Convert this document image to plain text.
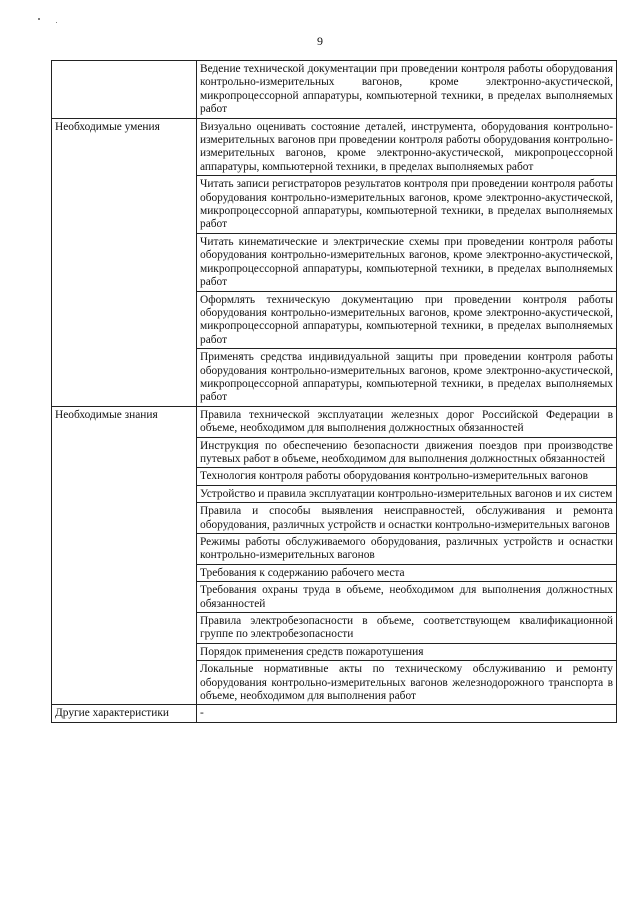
9
	Ведение технической документации при проведении контроля работы оборудования контрольно-измерительных вагонов, кроме электронно-акустической, микропроцессорной аппаратуры, компьютерной техники, в пределах выполняемых работ
Необходимые умения	Визуально оценивать состояние деталей, инструмента, оборудования контрольно-измерительных вагонов при проведении контроля работы оборудования контрольно-измерительных вагонов, кроме электронно-акустической, микропроцессорной аппаратуры, компьютерной техники, в пределах выполняемых работ
	Читать записи регистраторов результатов контроля при проведении контроля работы оборудования контрольно-измерительных вагонов, кроме электронно-акустической, микропроцессорной аппаратуры, компьютерной техники, в пределах выполняемых работ
	Читать кинематические и электрические схемы при проведении контроля работы оборудования контрольно-измерительных вагонов, кроме электронно-акустической, микропроцессорной аппаратуры, компьютерной техники, в пределах выполняемых работ
	Оформлять техническую документацию при проведении контроля работы оборудования контрольно-измерительных вагонов, кроме электронно-акустической, микропроцессорной аппаратуры, компьютерной техники, в пределах выполняемых работ
	Применять средства индивидуальной защиты при проведении контроля работы оборудования контрольно-измерительных вагонов, кроме электронно-акустической, микропроцессорной аппаратуры, компьютерной техники, в пределах выполняемых работ
Необходимые знания	Правила технической эксплуатации железных дорог Российской Федерации в объеме, необходимом для выполнения должностных обязанностей
	Инструкция по обеспечению безопасности движения поездов при производстве путевых работ в объеме, необходимом для выполнения должностных обязанностей
	Технология контроля работы оборудования контрольно-измерительных вагонов
	Устройство и правила эксплуатации контрольно-измерительных вагонов и их систем
	Правила и способы выявления неисправностей, обслуживания и ремонта оборудования, различных устройств и оснастки контрольно-измерительных вагонов
	Режимы работы обслуживаемого оборудования, различных устройств и оснастки контрольно-измерительных вагонов
	Требования к содержанию рабочего места
	Требования охраны труда в объеме, необходимом для выполнения должностных обязанностей
	Правила электробезопасности в объеме, соответствующем квалификационной группе по электробезопасности
	Порядок применения средств пожаротушения
	Локальные нормативные акты по техническому обслуживанию и ремонту оборудования контрольно-измерительных вагонов железнодорожного транспорта в объеме, необходимом для выполнения работ
Другие характеристики	-
